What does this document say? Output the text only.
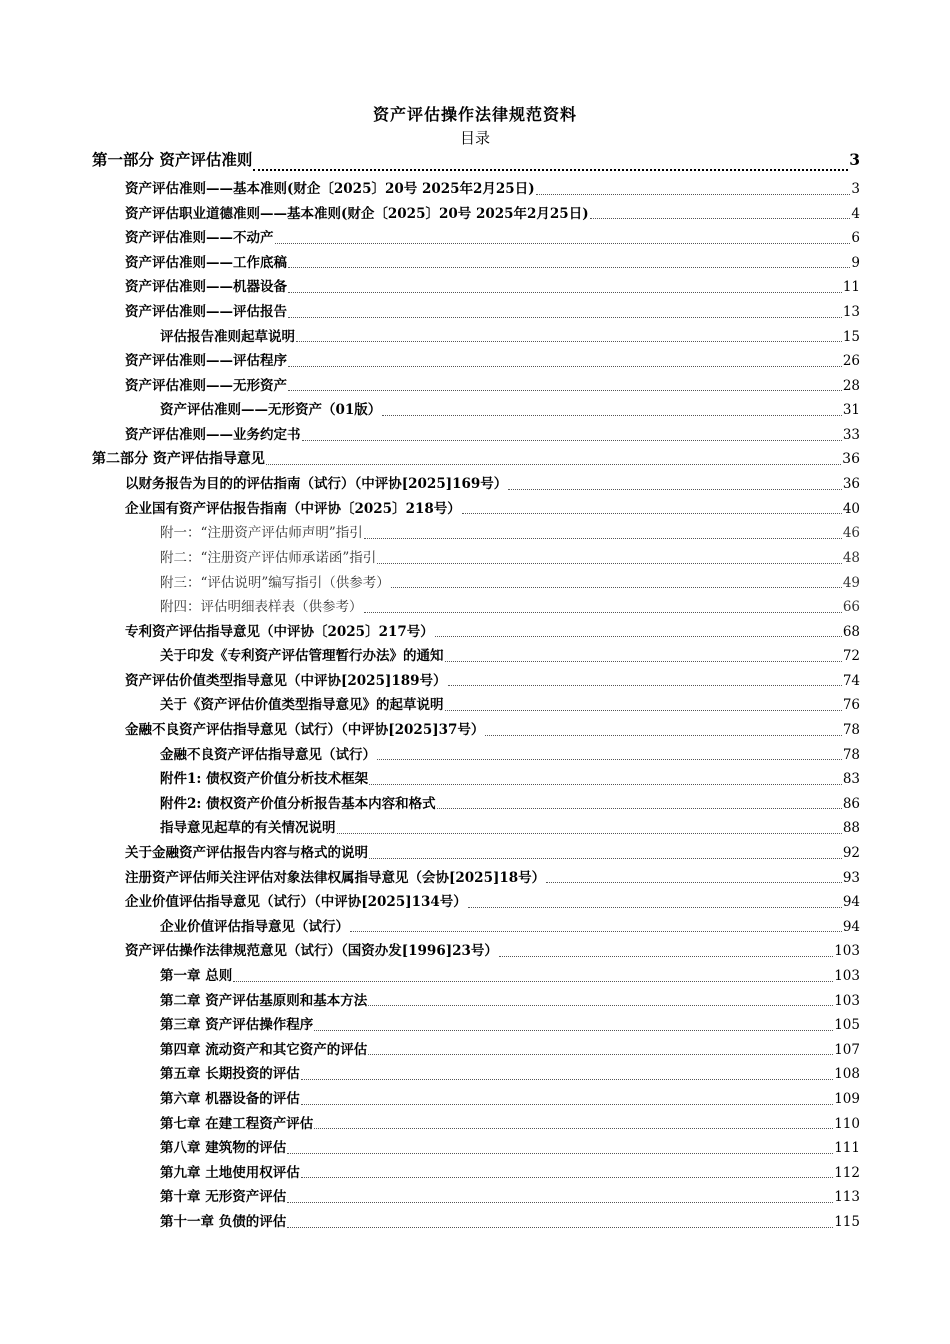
资产评估操作法律规范资料
目录
第一部分 资产评估准则	3
资产评估准则——基本准则(财企〔2025〕20号 2025年2月25日)	3
资产评估职业道德准则——基本准则(财企〔2025〕20号 2025年2月25日)	4
资产评估准则——不动产	6
资产评估准则——工作底稿	9
资产评估准则——机器设备	11
资产评估准则——评估报告	13
评估报告准则起草说明	15
资产评估准则——评估程序	26
资产评估准则——无形资产	28
资产评估准则——无形资产（01版）	31
资产评估准则——业务约定书	33
第二部分 资产评估指导意见	36
以财务报告为目的的评估指南（试行）（中评协[2025]169号）	36
企业国有资产评估报告指南（中评协〔2025〕218号）	40
附一：“注册资产评估师声明”指引	46
附二：“注册资产评估师承诺函”指引	48
附三：“评估说明”编写指引（供参考）	49
附四：评估明细表样表（供参考）	66
专利资产评估指导意见（中评协〔2025〕217号）	68
关于印发《专利资产评估管理暂行办法》的通知	72
资产评估价值类型指导意见（中评协[2025]189号）	74
关于《资产评估价值类型指导意见》的起草说明	76
金融不良资产评估指导意见（试行）（中评协[2025]37号）	78
金融不良资产评估指导意见（试行）	78
附件1: 债权资产价值分析技术框架	83
附件2: 债权资产价值分析报告基本内容和格式	86
指导意见起草的有关情况说明	88
关于金融资产评估报告内容与格式的说明	92
注册资产评估师关注评估对象法律权属指导意见（会协[2025]18号）	93
企业价值评估指导意见（试行）（中评协[2025]134号）	94
企业价值评估指导意见（试行）	94
资产评估操作法律规范意见（试行）（国资办发[1996]23号）	103
第一章 总则	103
第二章 资产评估基原则和基本方法	103
第三章 资产评估操作程序	105
第四章 流动资产和其它资产的评估	107
第五章 长期投资的评估	108
第六章 机器设备的评估	109
第七章 在建工程资产评估	110
第八章 建筑物的评估	111
第九章 土地使用权评估	112
第十章 无形资产评估	113
第十一章 负债的评估	115
